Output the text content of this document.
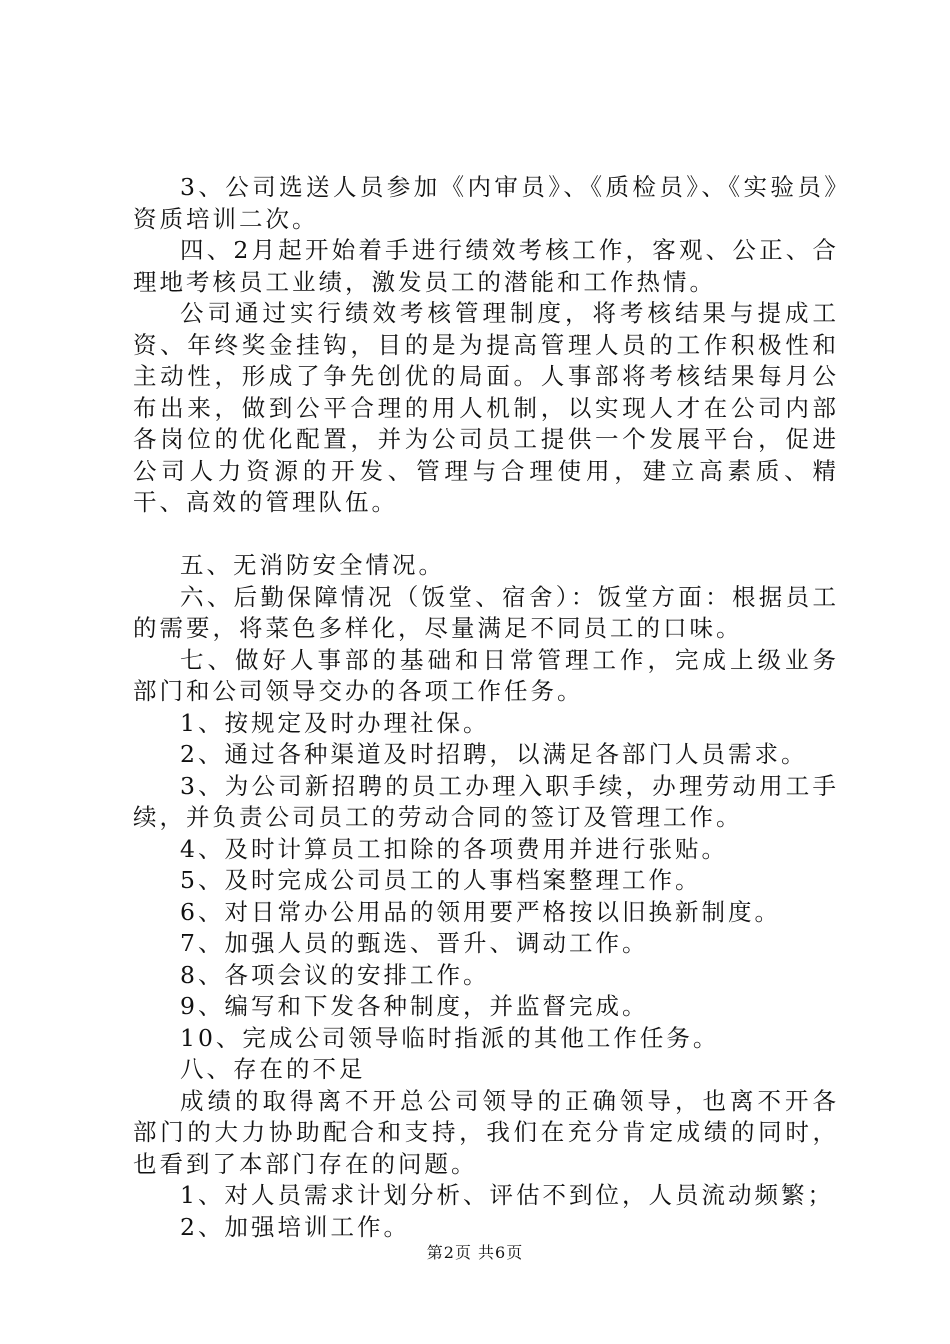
3、公司选送人员参加《内审员》、《质检员》、《实验员》资质培训二次。

四、2月起开始着手进行绩效考核工作，客观、公正、合理地考核员工业绩，激发员工的潜能和工作热情。

公司通过实行绩效考核管理制度，将考核结果与提成工资、年终奖金挂钩，目的是为提高管理人员的工作积极性和主动性，形成了争先创优的局面。人事部将考核结果每月公布出来，做到公平合理的用人机制，以实现人才在公司内部各岗位的优化配置，并为公司员工提供一个发展平台，促进公司人力资源的开发、管理与合理使用，建立高素质、精干、高效的管理队伍。

五、无消防安全情况。

六、后勤保障情况（饭堂、宿舍）：饭堂方面：根据员工的需要，将菜色多样化，尽量满足不同员工的口味。

七、做好人事部的基础和日常管理工作，完成上级业务部门和公司领导交办的各项工作任务。

1、按规定及时办理社保。

2、通过各种渠道及时招聘，以满足各部门人员需求。

3、为公司新招聘的员工办理入职手续，办理劳动用工手续，并负责公司员工的劳动合同的签订及管理工作。

4、及时计算员工扣除的各项费用并进行张贴。

5、及时完成公司员工的人事档案整理工作。

6、对日常办公用品的领用要严格按以旧换新制度。

7、加强人员的甄选、晋升、调动工作。

8、各项会议的安排工作。

9、编写和下发各种制度，并监督完成。

10、完成公司领导临时指派的其他工作任务。

八、存在的不足

成绩的取得离不开总公司领导的正确领导，也离不开各部门的大力协助配合和支持，我们在充分肯定成绩的同时，也看到了本部门存在的问题。

1、对人员需求计划分析、评估不到位，人员流动频繁；

2、加强培训工作。

第2页 共6页
